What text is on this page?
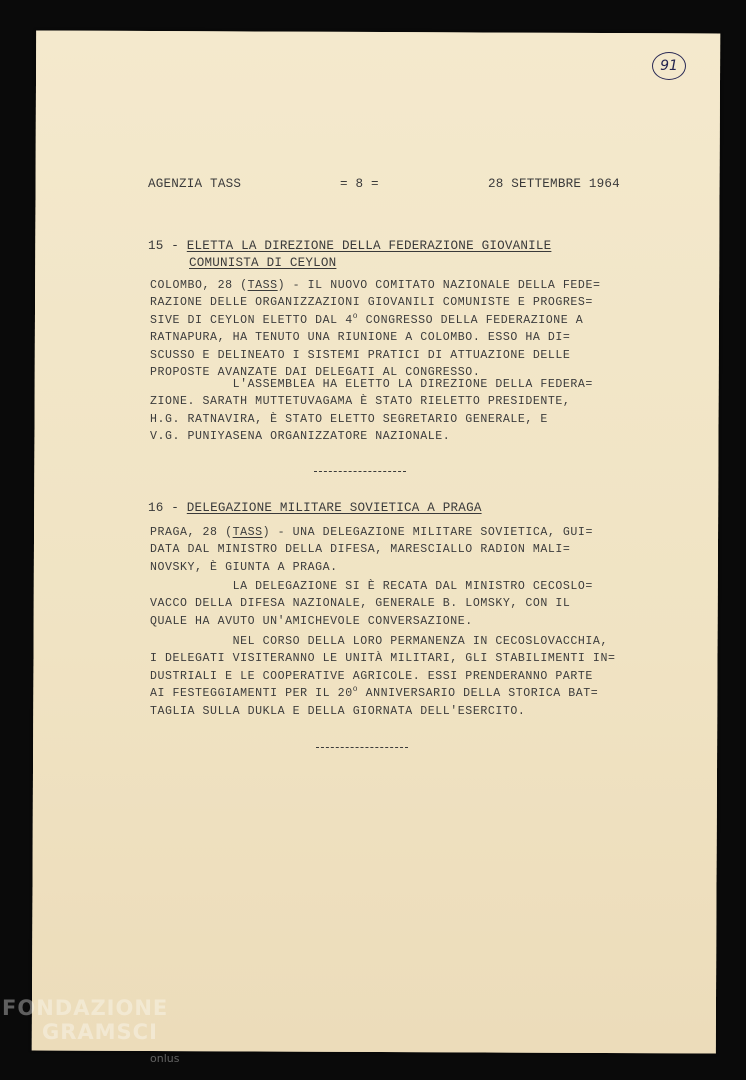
91
AGENZIA TASS	= 8 =	28 SETTEMBRE 1964
15 - ELETTA LA DIREZIONE DELLA FEDERAZIONE GIOVANILE
COMUNISTA DI CEYLON
COLOMBO, 28 (TASS) - IL NUOVO COMITATO NAZIONALE DELLA FEDE=
RAZIONE DELLE ORGANIZZAZIONI GIOVANILI COMUNISTE E PROGRES=
SIVE DI CEYLON ELETTO DAL 4$^o$ CONGRESSO DELLA FEDERAZIONE A
RATNAPURA, HA TENUTO UNA RIUNIONE A COLOMBO. ESSO HA DI=
SCUSSO E DELINEATO I SISTEMI PRATICI DI ATTUAZIONE DELLE
PROPOSTE AVANZATE DAI DELEGATI AL CONGRESSO.
L'ASSEMBLEA HA ELETTO LA DIREZIONE DELLA FEDERA=
ZIONE. SARATH MUTTETUVAGAMA È STATO RIELETTO PRESIDENTE,
H.G. RATNAVIRA, È STATO ELETTO SEGRETARIO GENERALE, E
V.G. PUNIYASENA ORGANIZZATORE NAZIONALE.
16 - DELEGAZIONE MILITARE SOVIETICA A PRAGA
PRAGA, 28 (TASS) - UNA DELEGAZIONE MILITARE SOVIETICA, GUI=
DATA DAL MINISTRO DELLA DIFESA, MARESCIALLO RADION MALI=
NOVSKY, È GIUNTA A PRAGA.
LA DELEGAZIONE SI È RECATA DAL MINISTRO CECOSLO=
VACCO DELLA DIFESA NAZIONALE, GENERALE B. LOMSKY, CON IL
QUALE HA AVUTO UN'AMICHEVOLE CONVERSAZIONE.
NEL CORSO DELLA LORO PERMANENZA IN CECOSLOVACCHIA,
I DELEGATI VISITERANNO LE UNITÀ MILITARI, GLI STABILIMENTI IN=
DUSTRIALI E LE COOPERATIVE AGRICOLE. ESSI PRENDERANNO PARTE
AI FESTEGGIAMENTI PER IL 20$^o$ ANNIVERSARIO DELLA STORICA BAT=
TAGLIA SULLA DUKLA E DELLA GIORNATA DELL'ESERCITO.
FONDAZIONE
GRAMSCI
onlus
